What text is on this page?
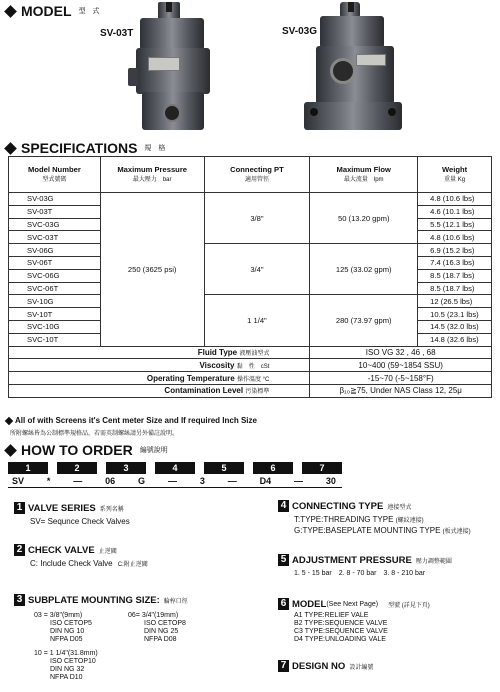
MODEL 型　式
SV-03T	SV-03G
SPECIFICATIONS 規　格
Model Number
型式號碼	Maximum Pressure
最大壓力　bar	Connecting PT
適用管徑	Maximum Flow
最大流量　lpm	Weight
重量 Kg

SV-03G	250 (3625 psi)	3/8"	50 (13.20 gpm)	4.8 (10.6 lbs)
SV-03T				4.6 (10.1 lbs)
SVC-03G				5.5 (12.1 lbs)
SVC-03T				4.8 (10.6 lbs)
SV-06G		3/4"	125 (33.02 gpm)	6.9 (15.2 lbs)
SV-06T				7.4 (16.3 lbs)
SVC-06G				8.5 (18.7 lbs)
SVC-06T				8.5 (18.7 lbs)
SV-10G		1 1/4"	280 (73.97 gpm)	12 (26.5 lbs)
SV-10T				10.5 (23.1 lbs)
SVC-10G				14.5 (32.0 lbs)
SVC-10T				14.8 (32.6 lbs)
Fluid Type 液壓油型式			ISO VG 32 , 46 , 68	
Viscosity 黏　性　cSt			10~400 (59~1854 SSU)	
Operating Temperature 操作溫度 °C			-15~70 (-5~158°F)	
Contamination Level 污染標準			β₁₀≧75, Under NAS Class 12, 25μ	
All of with Screens it's Cent meter Size and If required Inch Size
所附螺絲皆為公制標準規格品，若需英制螺絲請另外備註說明。
HOW TO ORDER 編號說明
1	2	3	4	5	6	7
SV	*	—	06	G	—	3	—	D4	—	30
1 VALVE SERIES 系列名稱
SV= Sequnce Check Valves
2 CHECK VALVE 止逆閥
C: Include Check Valve C:附止逆閥
3 SUBPLATE MOUNTING SIZE: 輪椁口徑
03 = 3/8"(9mm)
ISO CETOP5
DIN NG 10
NFPA D05
06= 3/4"(19mm)
ISO CETOP8
DIN NG 25
NFPA D08
10 = 1 1/4"(31.8mm)
ISO CETOP10
DIN NG 32
NFPA D10
4 CONNECTING TYPE 連接型式
T:TYPE:THREADING TYPE (螺紋連接)
G:TYPE:BASEPLATE MOUNTING TYPE (板式連接)
5 ADJUSTMENT PRESSURE 壓力調整範圍
1. 5 - 15 bar　2. 8 - 70 bar　3. 8 - 210 bar
6 MODEL (See Next Page) 型號 (詳見下頁)
A1 TYPE:RELIEF VALE
B2 TYPE:SEQUENCE VALVE
C3 TYPE:SEQUENCE VALVE
D4 TYPE:UNLOADING VALE
7 DESIGN NO 設計編號
